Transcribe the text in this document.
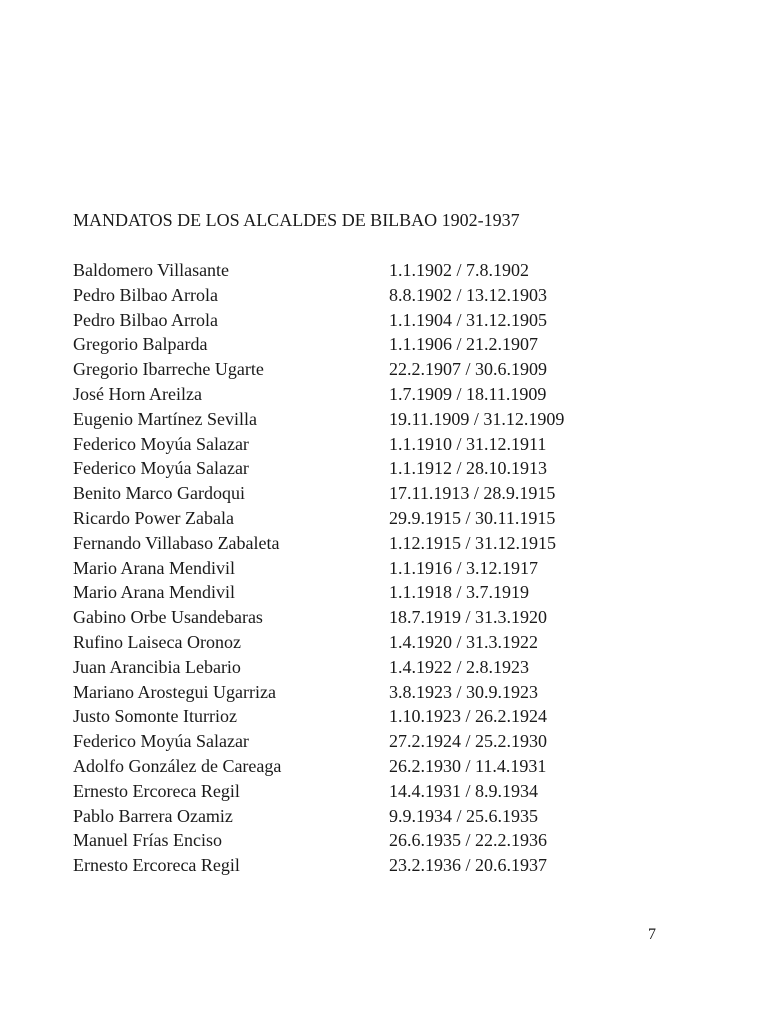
MANDATOS DE LOS ALCALDES DE BILBAO 1902-1937
Baldomero Villasante	1.1.1902 / 7.8.1902
Pedro Bilbao Arrola	8.8.1902 / 13.12.1903
Pedro Bilbao Arrola	1.1.1904 / 31.12.1905
Gregorio Balparda	1.1.1906 / 21.2.1907
Gregorio Ibarreche Ugarte	22.2.1907 / 30.6.1909
José Horn Areilza	1.7.1909 / 18.11.1909
Eugenio Martínez Sevilla	19.11.1909 / 31.12.1909
Federico Moyúa Salazar	1.1.1910 / 31.12.1911
Federico Moyúa Salazar	1.1.1912 / 28.10.1913
Benito Marco Gardoqui	17.11.1913 / 28.9.1915
Ricardo Power Zabala	29.9.1915 / 30.11.1915
Fernando Villabaso Zabaleta	1.12.1915 / 31.12.1915
Mario Arana Mendivil	1.1.1916 / 3.12.1917
Mario Arana Mendivil	1.1.1918 / 3.7.1919
Gabino Orbe Usandebaras	18.7.1919 / 31.3.1920
Rufino Laiseca Oronoz	1.4.1920 / 31.3.1922
Juan Arancibia Lebario	1.4.1922 / 2.8.1923
Mariano Arostegui Ugarriza	3.8.1923 / 30.9.1923
Justo Somonte Iturrioz	1.10.1923 / 26.2.1924
Federico Moyúa Salazar	27.2.1924 / 25.2.1930
Adolfo González de Careaga	26.2.1930 / 11.4.1931
Ernesto Ercoreca Regil	14.4.1931 / 8.9.1934
Pablo Barrera Ozamiz	9.9.1934 / 25.6.1935
Manuel Frías Enciso	26.6.1935 / 22.2.1936
Ernesto Ercoreca Regil	23.2.1936 / 20.6.1937
7
